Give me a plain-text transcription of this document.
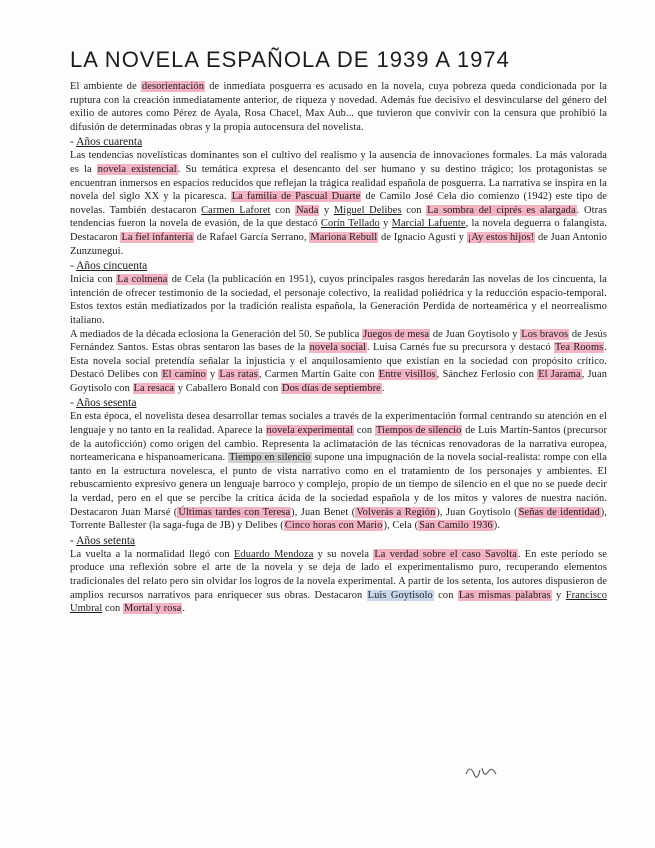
LA NOVELA ESPAÑOLA DE 1939 A 1974
El ambiente de desorientación de inmediata posguerra es acusado en la novela, cuya pobreza queda condicionada por la ruptura con la creación inmediatamente anterior, de riqueza y novedad. Además fue decisivo el desvincularse del género del exilio de autores como Pérez de Ayala, Rosa Chacel, Max Aub... que tuvieron que convivir con la censura que prohibió la difusión de determinadas obras y la propia autocensura del novelista.
- Años cuarenta
Las tendencias novelísticas dominantes son el cultivo del realismo y la ausencia de innovaciones formales. La más valorada es la novela existencial. Su temática expresa el desencanto del ser humano y su destino trágico; los protagonistas se encuentran inmersos en espacios reducidos que reflejan la trágica realidad española de posguerra. La narrativa se inspira en la novela del siglo XX y la picaresca. La familia de Pascual Duarte de Camilo José Cela dio comienzo (1942) este tipo de novelas. También destacaron Carmen Laforet con Nada y Miguel Delibes con La sombra del ciprés es alargada. Otras tendencias fueron la novela de evasión, de la que destacó Corín Tellado y Marcial Lafuente, la novela deguerra o falangista. Destacaron La fiel infantería de Rafael García Serrano, Mariona Rebull de Ignacio Agustí y ¡Ay estos hijos! de Juan Antonio Zunzunegui.
- Años cincuenta
Inicia con La colmena de Cela (la publicación en 1951), cuyos principales rasgos heredarán las novelas de los cincuenta, la intención de ofrecer testimonio de la sociedad, el personaje colectivo, la realidad poliédrica y la reducción espacio-temporal. Estos textos están mediatizados por la tradición realista española, la Generación Perdida de norteamérica y el neorrealismo italiano.
A mediados de la década eclosiona la Generación del 50. Se publica Juegos de mesa de Juan Goytisolo y Los bravos de Jesús Fernández Santos. Estas obras sentaron las bases de la novela social. Luisa Carnés fue su precursora y destacó Tea Rooms. Esta novela social pretendía señalar la injusticia y el anquilosamiento que existían en la sociedad con propósito crítico. Destacó Delibes con El camino y Las ratas, Carmen Martín Gaite con Entre visillos, Sánchez Ferlosio con El Jarama, Juan Goytisolo con La resaca y Caballero Bonald con Dos días de septiembre.
- Años sesenta
En esta época, el novelista desea desarrollar temas sociales a través de la experimentación formal centrando su atención en el lenguaje y no tanto en la realidad. Aparece la novela experimental con Tiempos de silencio de Luis Martín-Santos (precursor de la autoficción) como origen del cambio. Representa la aclimatación de las técnicas renovadoras de la narrativa europea, norteamericana e hispanoamericana. Tiempo en silencio supone una impugnación de la novela social-realista: rompe con ella tanto en la estructura novelesca, el punto de vista narrativo como en el tratamiento de los personajes y ambientes. El rebuscamiento expresivo genera un lenguaje barroco y complejo, propio de un tiempo de silencio en el que no se puede decir la verdad, pero en el que se percibe la crítica ácida de la sociedad española y de los mitos y valores de nuestra nación. Destacaron Juan Marsé (Últimas tardes con Teresa), Juan Benet (Volverás a Región), Juan Goytisolo (Señas de identidad), Torrente Ballester (la saga-fuga de JB) y Delibes (Cinco horas con Mario), Cela (San Camilo 1936).
- Años setenta
La vuelta a la normalidad llegó con Eduardo Mendoza y su novela La verdad sobre el caso Savolta. En este periodo se produce una reflexión sobre el arte de la novela y se deja de lado el experimentalismo puro, recuperando elementos tradicionales del relato pero sin olvidar los logros de la novela experimental. A partir de los setenta, los autores dispusieron de amplios recursos narrativos para enriquecer sus obras. Destacaron Luis Goytisolo con Las mismas palabras y Francisco Umbral con Mortal y rosa.
